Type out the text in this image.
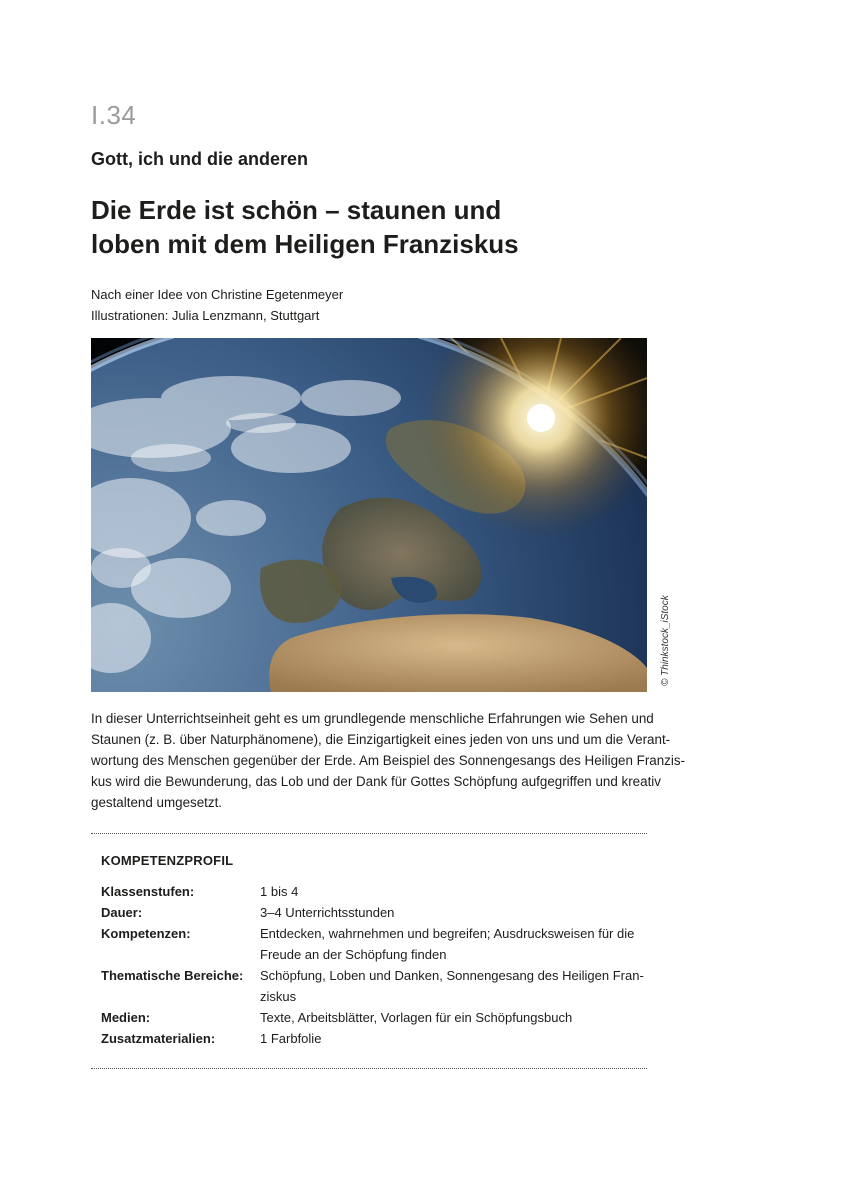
I.34
Gott, ich und die anderen
Die Erde ist schön – staunen und
loben mit dem Heiligen Franziskus
Nach einer Idee von Christine Egetenmeyer
Illustrationen: Julia Lenzmann, Stuttgart
© Thinkstock_iStock
In dieser Unterrichtseinheit geht es um grundlegende menschliche Erfahrungen wie Sehen und
Staunen (z. B. über Naturphänomene), die Einzigartigkeit eines jeden von uns und um die Verant-
wortung des Menschen gegenüber der Erde. Am Beispiel des Sonnengesangs des Heiligen Franzis-
kus wird die Bewunderung, das Lob und der Dank für Gottes Schöpfung aufgegriffen und kreativ
gestaltend umgesetzt.
KOMPETENZPROFIL
Klassenstufen:	1 bis 4
Dauer:	3–4 Unterrichtsstunden
Kompetenzen:	Entdecken, wahrnehmen und begreifen; Ausdrucksweisen für die
Freude an der Schöpfung finden
Thematische Bereiche:	Schöpfung, Loben und Danken, Sonnengesang des Heiligen Fran-
ziskus
Medien:	Texte, Arbeitsblätter, Vorlagen für ein Schöpfungsbuch
Zusatzmaterialien:	1 Farbfolie
